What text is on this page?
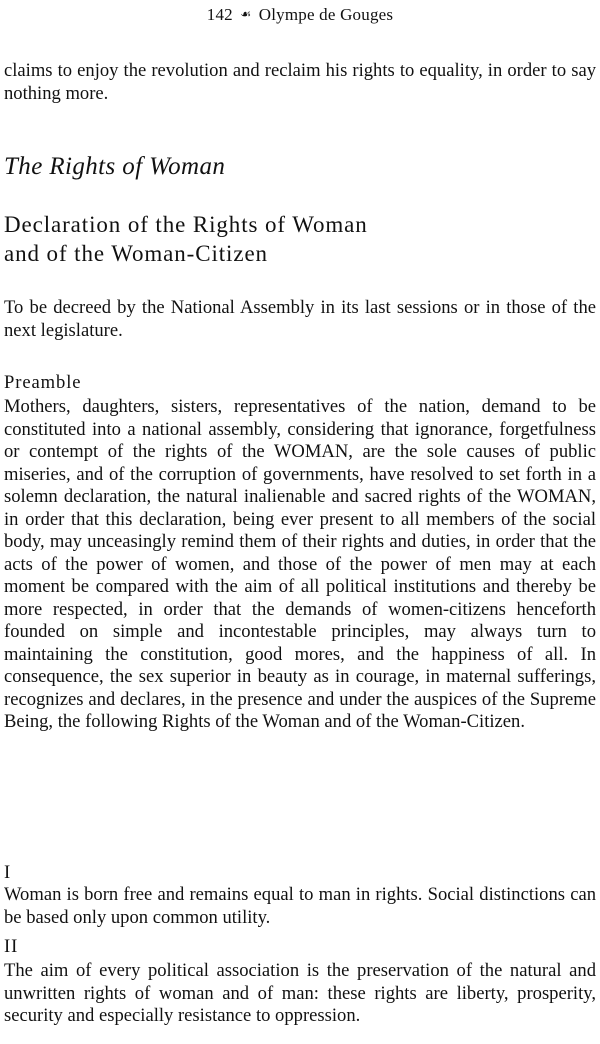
142 ☙ Olympe de Gouges

claims to enjoy the revolution and reclaim his rights to equality, in order to say nothing more.

The Rights of Woman
Declaration of the Rights of Woman
and of the Woman-Citizen

To be decreed by the National Assembly in its last sessions or in those of the next legislature.

Preamble

Mothers, daughters, sisters, representatives of the nation, demand to be constituted into a national assembly, considering that ignorance, forgetfulness or contempt of the rights of the WOMAN, are the sole causes of public miseries, and of the corruption of governments, have resolved to set forth in a solemn declaration, the natural inalienable and sacred rights of the WOMAN, in order that this declaration, being ever present to all members of the social body, may unceasingly remind them of their rights and duties, in order that the acts of the power of women, and those of the power of men may at each moment be compared with the aim of all political institutions and thereby be more respected, in order that the demands of women-citizens henceforth founded on simple and incontestable principles, may always turn to maintaining the constitution, good mores, and the happiness of all. In consequence, the sex superior in beauty as in courage, in maternal sufferings, recognizes and declares, in the presence and under the auspices of the Supreme Being, the following Rights of the Woman and of the Woman-Citizen.

I

Woman is born free and remains equal to man in rights. Social distinctions can be based only upon common utility.

II

The aim of every political association is the preservation of the natural and unwritten rights of woman and of man: these rights are liberty, prosperity, security and especially resistance to oppression.
